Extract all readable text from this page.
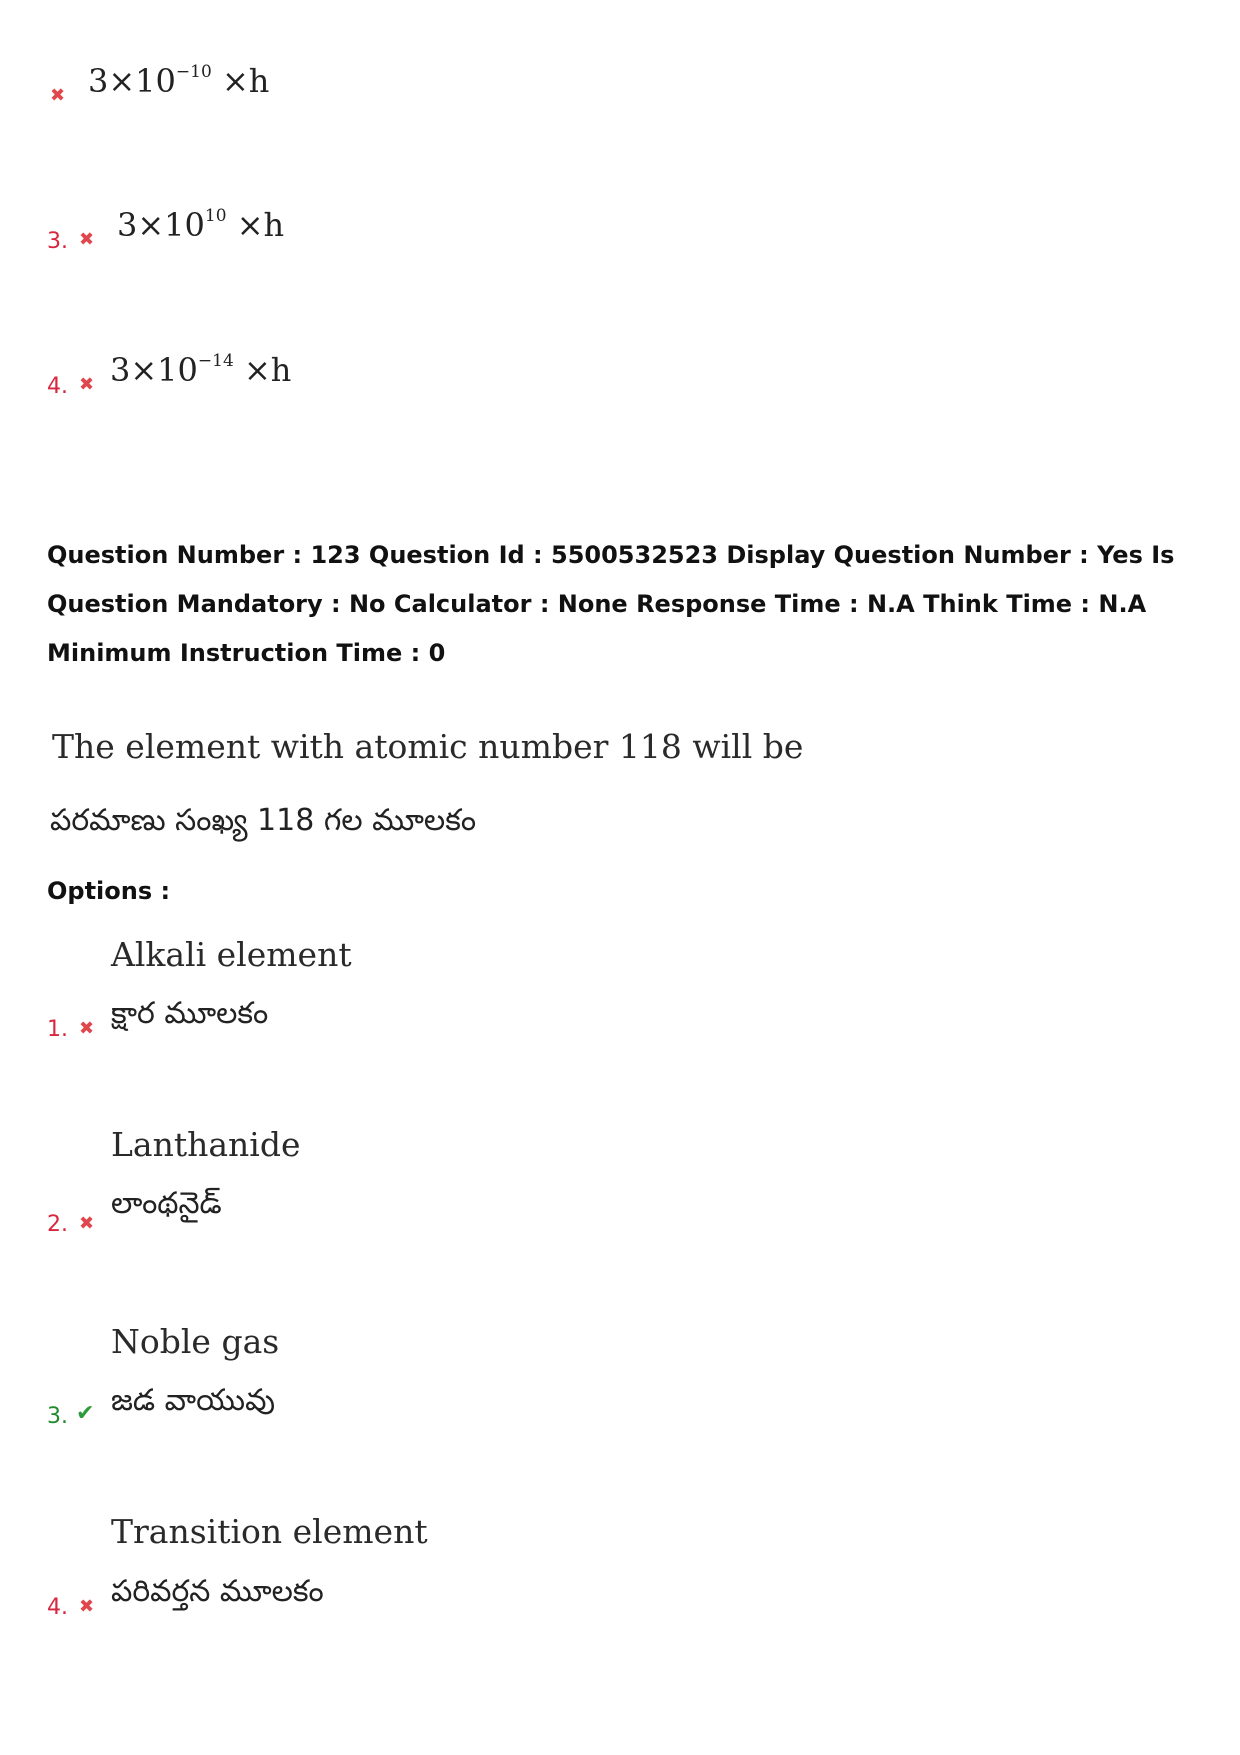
✖ $3\times 10^{-10} \times h$
3. ✖ $3\times 10^{10} \times h$
4. ✖ $3\times 10^{-14} \times h$
Question Number : 123 Question Id : 5500532523 Display Question Number : Yes Is Question Mandatory : No Calculator : None Response Time : N.A Think Time : N.A Minimum Instruction Time : 0
The element with atomic number 118 will be
పరమాణు సంఖ్య 118 గల మూలకం
Options :
Alkali element
క్షార మూలకం
1. ✖
Lanthanide
లాంథనైడ్
2. ✖
Noble gas
జడ వాయువు
3. ✔
Transition element
పరివర్తన మూలకం
4. ✖
